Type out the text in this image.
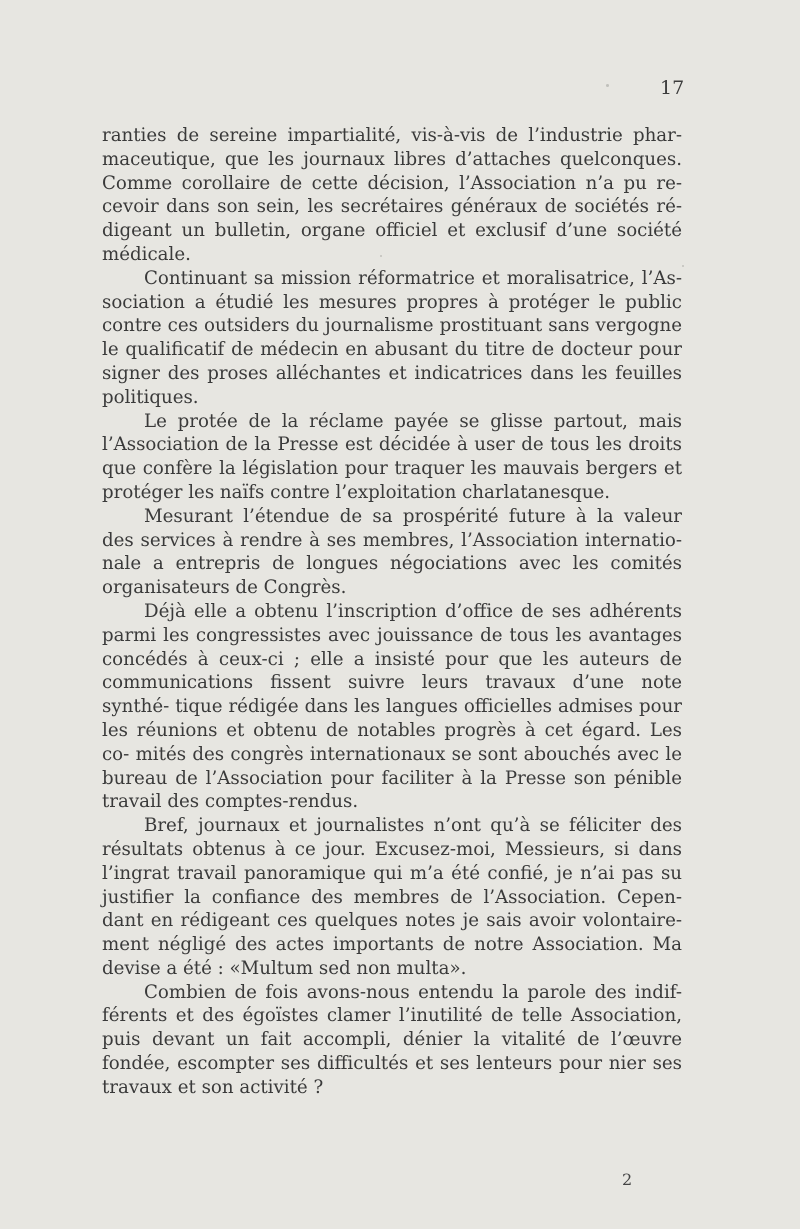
17

ranties de sereine impartialité, vis-à-vis de l’industrie phar- maceutique, que les journaux libres d’attaches quelconques. Comme corollaire de cette décision, l’Association n’a pu re- cevoir dans son sein, les secrétaires généraux de sociétés ré- digeant un bulletin, organe officiel et exclusif d’une société médicale.

Continuant sa mission réformatrice et moralisatrice, l’As- sociation a étudié les mesures propres à protéger le public contre ces outsiders du journalisme prostituant sans vergogne le qualificatif de médecin en abusant du titre de docteur pour signer des proses alléchantes et indicatrices dans les feuilles politiques.

Le protée de la réclame payée se glisse partout, mais l’Association de la Presse est décidée à user de tous les droits que confère la législation pour traquer les mauvais bergers et protéger les naïfs contre l’exploitation charlatanesque.

Mesurant l’étendue de sa prospérité future à la valeur des services à rendre à ses membres, l’Association internatio- nale a entrepris de longues négociations avec les comités organisateurs de Congrès.

Déjà elle a obtenu l’inscription d’office de ses adhérents parmi les congressistes avec jouissance de tous les avantages concédés à ceux-ci ; elle a insisté pour que les auteurs de communications fissent suivre leurs travaux d’une note synthé- tique rédigée dans les langues officielles admises pour les réunions et obtenu de notables progrès à cet égard. Les co- mités des congrès internationaux se sont abouchés avec le bureau de l’Association pour faciliter à la Presse son pénible travail des comptes-rendus.

Bref, journaux et journalistes n’ont qu’à se féliciter des résultats obtenus à ce jour. Excusez-moi, Messieurs, si dans l’ingrat travail panoramique qui m’a été confié, je n’ai pas su justifier la confiance des membres de l’Association. Cepen- dant en rédigeant ces quelques notes je sais avoir volontaire- ment négligé des actes importants de notre Association. Ma devise a été : «Multum sed non multa».

Combien de fois avons-nous entendu la parole des indif- férents et des égoïstes clamer l’inutilité de telle Association, puis devant un fait accompli, dénier la vitalité de l’œuvre fondée, escompter ses difficultés et ses lenteurs pour nier ses travaux et son activité ?

2
